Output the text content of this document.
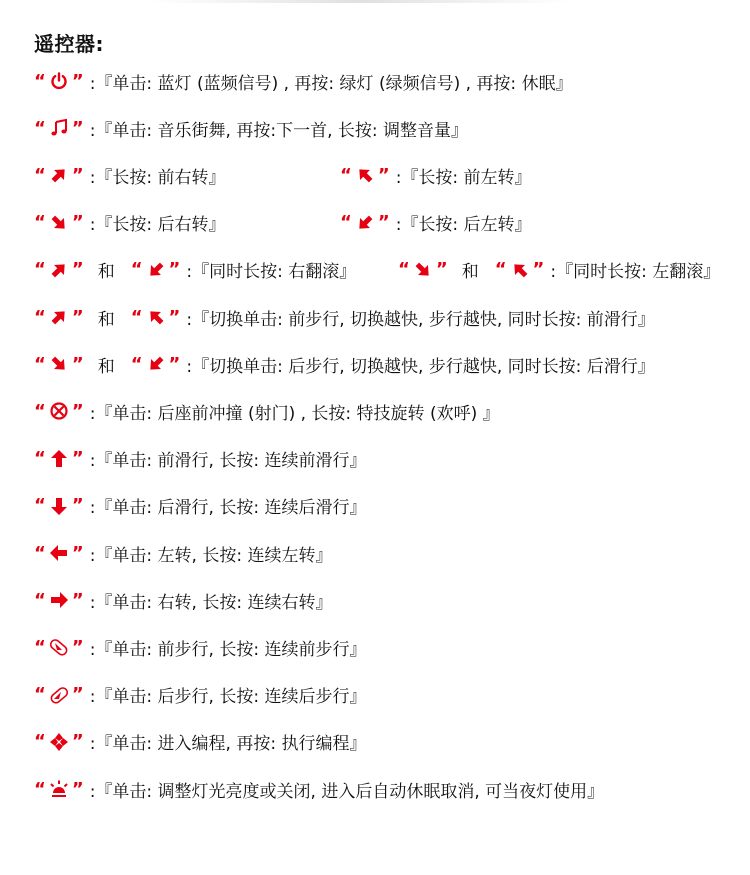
遥控器:
“ ” :『单击: 蓝灯 (蓝频信号) , 再按: 绿灯 (绿频信号) , 再按: 休眠』
“ ” :『单击: 音乐街舞, 再按:下一首, 长按: 调整音量』
“ ” :『长按: 前右转』	“ ” :『长按: 前左转』
“ ” :『长按: 后右转』	“ ” :『长按: 后左转』
“ ” 和 “ ” :『同时长按: 右翻滚』 “ ” 和 “ ” :『同时长按: 左翻滚』
“ ” 和 “ ” :『切换单击: 前步行, 切换越快, 步行越快, 同时长按: 前滑行』
“ ” 和 “ ” :『切换单击: 后步行, 切换越快, 步行越快, 同时长按: 后滑行』
“ ” :『单击: 后座前冲撞 (射门) , 长按: 特技旋转 (欢呼) 』
“ ” :『单击: 前滑行, 长按: 连续前滑行』
“ ” :『单击: 后滑行, 长按: 连续后滑行』
“ ” :『单击: 左转, 长按: 连续左转』
“ ” :『单击: 右转, 长按: 连续右转』
“ ” :『单击: 前步行, 长按: 连续前步行』
“ ” :『单击: 后步行, 长按: 连续后步行』
“ ” :『单击: 进入编程, 再按: 执行编程』
“ ” :『单击: 调整灯光亮度或关闭, 进入后自动休眠取消, 可当夜灯使用』
